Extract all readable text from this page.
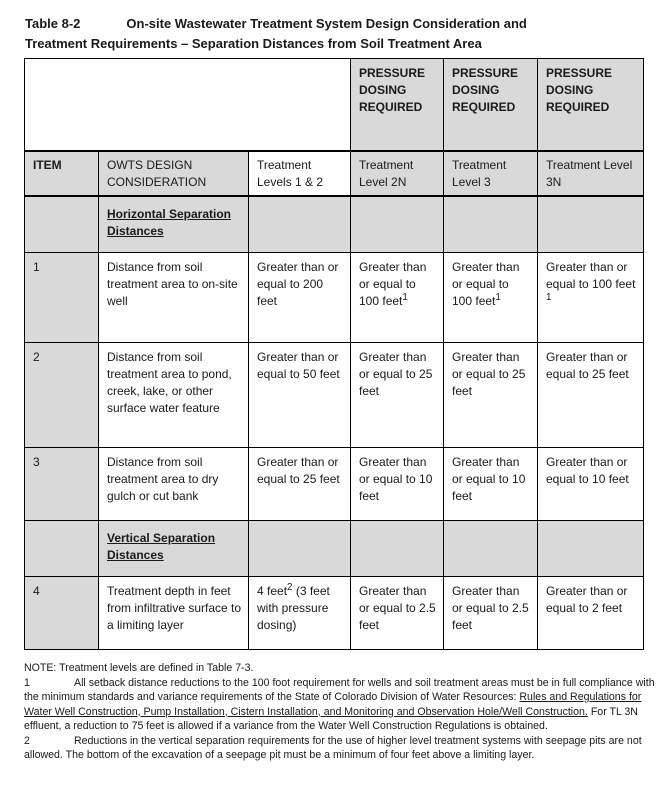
Table 8-2	On-site Wastewater Treatment System Design Consideration and Treatment Requirements – Separation Distances from Soil Treatment Area
			PRESSURE DOSING REQUIRED	PRESSURE DOSING REQUIRED	PRESSURE DOSING REQUIRED
ITEM	OWTS DESIGN CONSIDERATION	Treatment Levels 1 & 2	Treatment Level 2N	Treatment Level 3	Treatment Level 3N
	Horizontal Separation Distances				
1	Distance from soil treatment area to on-site well	Greater than or equal to 200 feet	Greater than or equal to 100 feet$^1$	Greater than or equal to 100 feet$^1$	Greater than or equal to 100 feet $^1$
2	Distance from soil treatment area to pond, creek, lake, or other surface water feature	Greater than or equal to 50 feet	Greater than or equal to 25 feet	Greater than or equal to 25 feet	Greater than or equal to 25 feet
3	Distance from soil treatment area to dry gulch or cut bank	Greater than or equal to 25 feet	Greater than or equal to 10 feet	Greater than or equal to 10 feet	Greater than or equal to 10 feet
	Vertical Separation Distances				
4	Treatment depth in feet from infiltrative surface to a limiting layer	4 feet$^2$ (3 feet with pressure dosing)	Greater than or equal to 2.5 feet	Greater than or equal to 2.5 feet	Greater than or equal to 2 feet

NOTE: Treatment levels are defined in Table 7-3.

1	All setback distance reductions to the 100 foot requirement for wells and soil treatment areas must be in full compliance with the minimum standards and variance requirements of the State of Colorado Division of Water Resources: Rules and Regulations for Water Well Construction, Pump Installation, Cistern Installation, and Monitoring and Observation Hole/Well Construction. For TL 3N effluent, a reduction to 75 feet is allowed if a variance from the Water Well Construction Regulations is obtained.

2	Reductions in the vertical separation requirements for the use of higher level treatment systems with seepage pits are not allowed. The bottom of the excavation of a seepage pit must be a minimum of four feet above a limiting layer.
